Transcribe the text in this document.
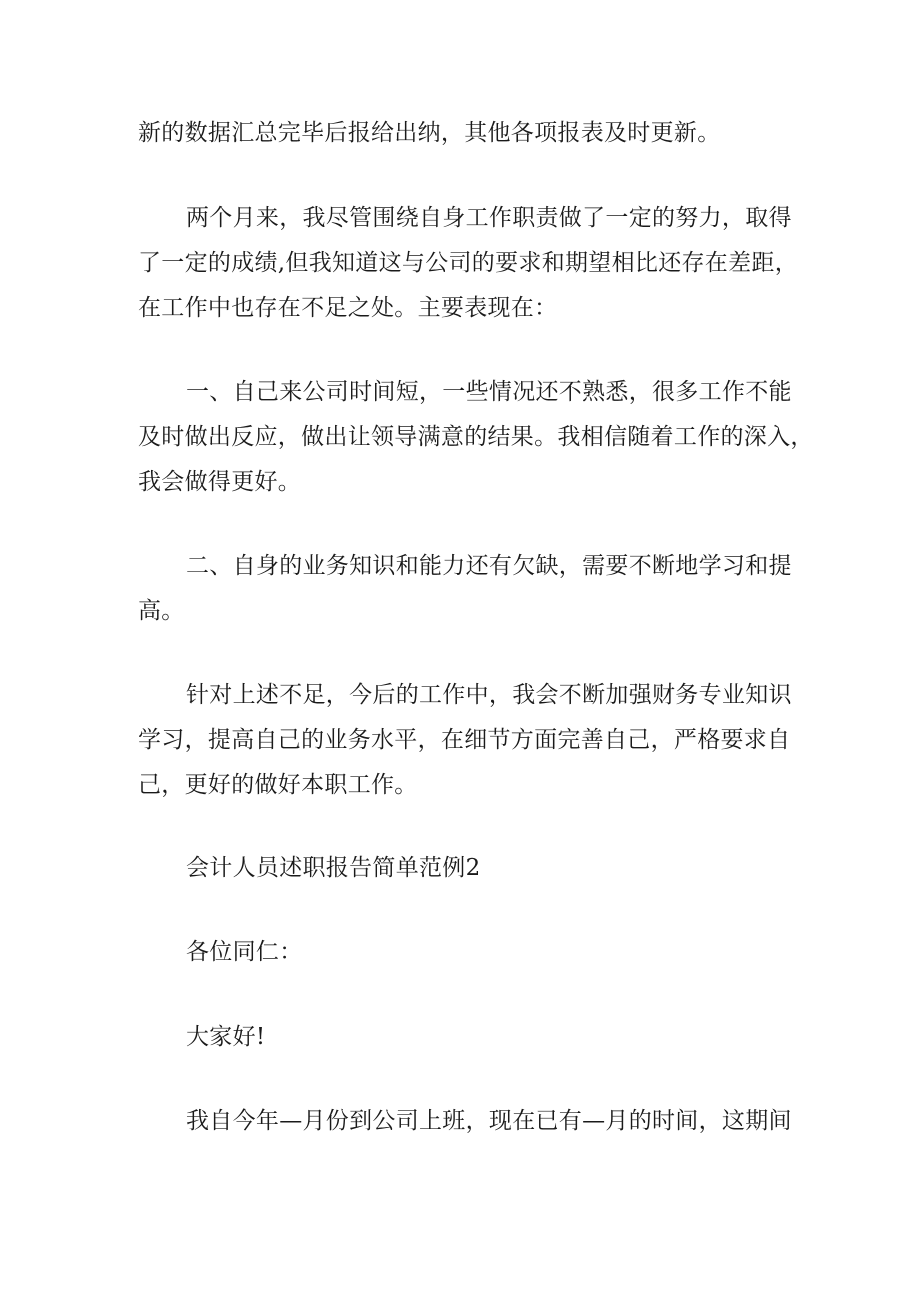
新的数据汇总完毕后报给出纳，其他各项报表及时更新。
两个月来，我尽管围绕自身工作职责做了一定的努力，取得
了一定的成绩,但我知道这与公司的要求和期望相比还存在差距，
在工作中也存在不足之处。主要表现在：
一、自己来公司时间短，一些情况还不熟悉，很多工作不能
及时做出反应，做出让领导满意的结果。我相信随着工作的深入，
我会做得更好。
二、自身的业务知识和能力还有欠缺，需要不断地学习和提
高。
针对上述不足，今后的工作中，我会不断加强财务专业知识
学习，提高自己的业务水平，在细节方面完善自己，严格要求自
己，更好的做好本职工作。
会计人员述职报告简单范例2
各位同仁：
大家好!
我自今年—月份到公司上班，现在已有—月的时间，这期间
